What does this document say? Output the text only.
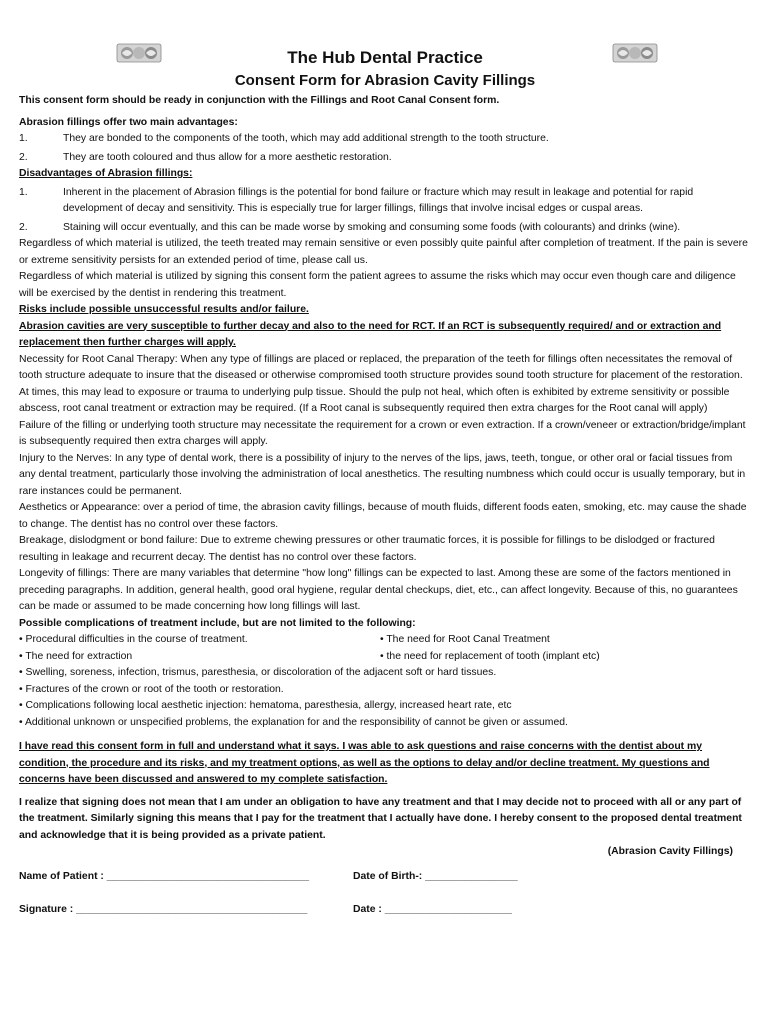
The Hub Dental Practice
Consent Form for Abrasion Cavity Fillings

This consent form should be ready in conjunction with the Fillings and Root Canal Consent form.

Abrasion fillings offer two main advantages:

1.	They are bonded to the components of the tooth, which may add additional strength to the tooth structure.
2.	They are tooth coloured and thus allow for a more aesthetic restoration.

Disadvantages of Abrasion fillings:

1.	Inherent in the placement of Abrasion fillings is the potential for bond failure or fracture which may result in leakage and potential for rapid development of decay and sensitivity. This is especially true for larger fillings, fillings that involve incisal edges or cuspal areas.
2.	Staining will occur eventually, and this can be made worse by smoking and consuming some foods (with colourants) and drinks (wine).

Regardless of which material is utilized, the teeth treated may remain sensitive or even possibly quite painful after completion of treatment. If the pain is severe or extreme sensitivity persists for an extended period of time, please call us.

Regardless of which material is utilized by signing this consent form the patient agrees to assume the risks which may occur even though care and diligence will be exercised by the dentist in rendering this treatment.

Risks include possible unsuccessful results and/or failure.

Abrasion cavities are very susceptible to further decay and also to the need for RCT. If an RCT is subsequently required/ and or extraction and replacement then further charges will apply.

Necessity for Root Canal Therapy: When any type of fillings are placed or replaced, the preparation of the teeth for fillings often necessitates the removal of tooth structure adequate to insure that the diseased or otherwise compromised tooth structure provides sound tooth structure for placement of the restoration.

At times, this may lead to exposure or trauma to underlying pulp tissue. Should the pulp not heal, which often is exhibited by extreme sensitivity or possible abscess, root canal treatment or extraction may be required. (If a Root canal is subsequently required then extra charges for the Root canal will apply)

Failure of the filling or underlying tooth structure may necessitate the requirement for a crown or even extraction. If a crown/veneer or extraction/bridge/implant is subsequently required then extra charges will apply.

Injury to the Nerves: In any type of dental work, there is a possibility of injury to the nerves of the lips, jaws, teeth, tongue, or other oral or facial tissues from any dental treatment, particularly those involving the administration of local anesthetics. The resulting numbness which could occur is usually temporary, but in rare instances could be permanent.

Aesthetics or Appearance: over a period of time, the abrasion cavity fillings, because of mouth fluids, different foods eaten, smoking, etc. may cause the shade to change. The dentist has no control over these factors.

Breakage, dislodgment or bond failure: Due to extreme chewing pressures or other traumatic forces, it is possible for fillings to be dislodged or fractured resulting in leakage and recurrent decay. The dentist has no control over these factors.

Longevity of fillings: There are many variables that determine "how long" fillings can be expected to last. Among these are some of the factors mentioned in preceding paragraphs. In addition, general health, good oral hygiene, regular dental checkups, diet, etc., can affect longevity. Because of this, no guarantees can be made or assumed to be made concerning how long fillings will last.

Possible complications of treatment include, but are not limited to the following:

• Procedural difficulties in the course of treatment.	• The need for Root Canal Treatment
• The need for extraction	• the need for replacement of tooth (implant etc)

• Swelling, soreness, infection, trismus, paresthesia, or discoloration of the adjacent soft or hard tissues.

• Fractures of the crown or root of the tooth or restoration.

• Complications following local aesthetic injection: hematoma, paresthesia, allergy, increased heart rate, etc

• Additional unknown or unspecified problems, the explanation for and the responsibility of cannot be given or assumed.

I have read this consent form in full and understand what it says. I was able to ask questions and raise concerns with the dentist about my condition, the procedure and its risks, and my treatment options, as well as the options to delay and/or decline treatment. My questions and concerns have been discussed and answered to my complete satisfaction.

I realize that signing does not mean that I am under an obligation to have any treatment and that I may decide not to proceed with all or any part of the treatment. Similarly signing this means that I pay for the treatment that I actually have done. I hereby consent to the proposed dental treatment and acknowledge that it is being provided as a private patient.

(Abrasion Cavity Fillings)

Name of Patient : ___________________________________	Date of Birth-: ________________
Signature : ________________________________________	Date : ______________________
